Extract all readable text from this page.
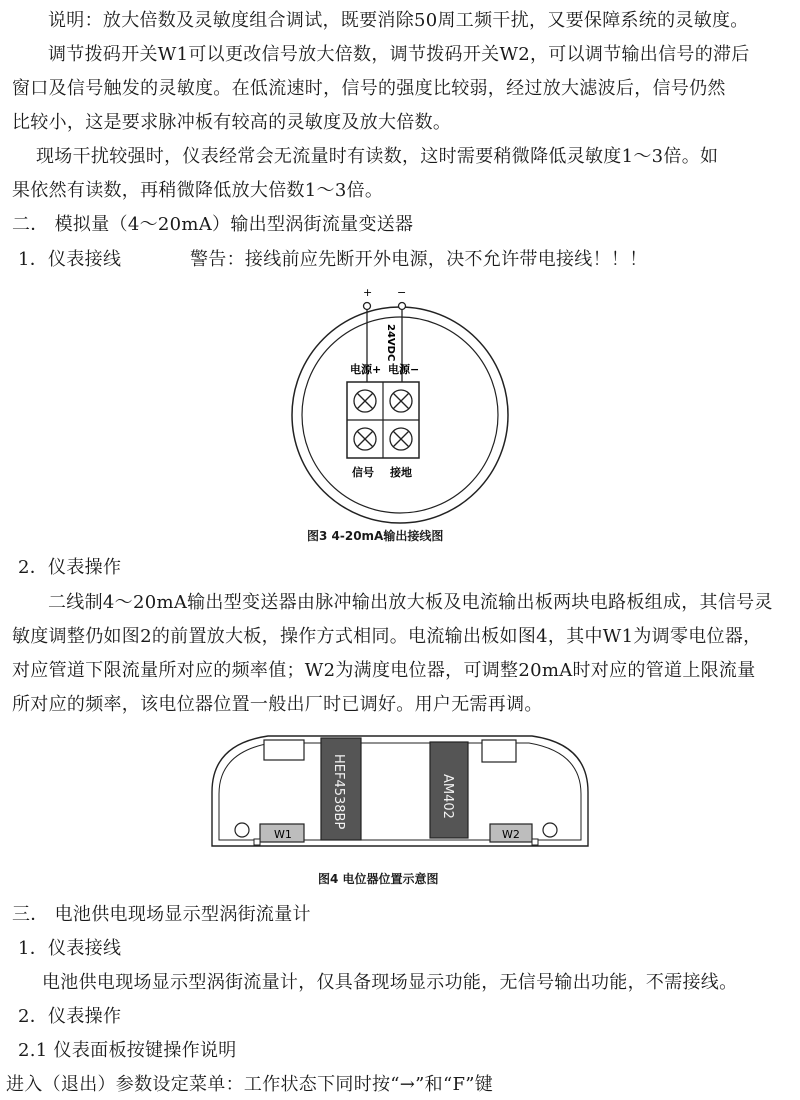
说明：放大倍数及灵敏度组合调试，既要消除50周工频干扰，又要保障系统的灵敏度。
调节拨码开关W1可以更改信号放大倍数，调节拨码开关W2，可以调节输出信号的滞后
窗口及信号触发的灵敏度。在低流速时，信号的强度比较弱，经过放大滤波后，信号仍然
比较小，这是要求脉冲板有较高的灵敏度及放大倍数。
现场干扰较强时，仪表经常会无流量时有读数，这时需要稍微降低灵敏度1～3倍。如
果依然有读数，再稍微降低放大倍数1～3倍。
二． 模拟量（4～20mA）输出型涡街流量变送器
1．仪表接线	警告：接线前应先断开外电源，决不允许带电接线！！！
+ −
24VDC
电源+ 电源−
信号 接地
图3 4-20mA输出接线图
2．仪表操作
二线制4～20mA输出型变送器由脉冲输出放大板及电流输出板两块电路板组成，其信号灵
敏度调整仍如图2的前置放大板，操作方式相同。电流输出板如图4，其中W1为调零电位器，
对应管道下限流量所对应的频率值；W2为满度电位器，可调整20mA时对应的管道上限流量
所对应的频率，该电位器位置一般出厂时已调好。用户无需再调。
HEF4538BP	AM402
W1	W2
图4 电位器位置示意图
三． 电池供电现场显示型涡街流量计
1．仪表接线
电池供电现场显示型涡街流量计，仅具备现场显示功能，无信号输出功能，不需接线。
2．仪表操作
2.1 仪表面板按键操作说明
进入（退出）参数设定菜单：工作状态下同时按“→”和“F”键
